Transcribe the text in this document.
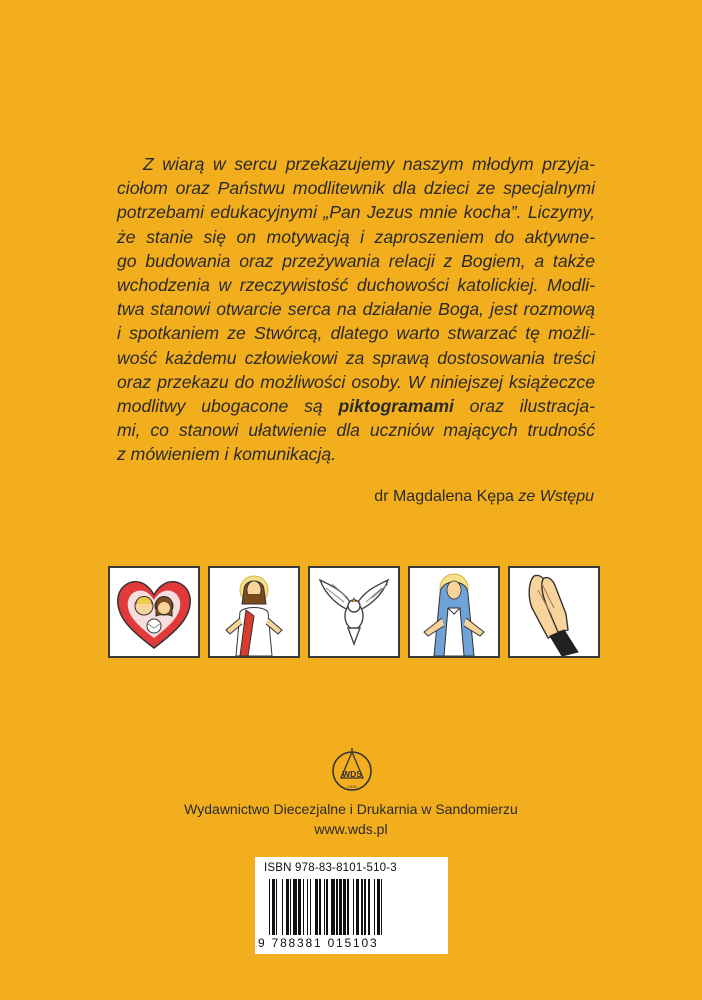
Z wiarą w sercu przekazujemy naszym młodym przyja-
ciołom oraz Państwu modlitewnik dla dzieci ze specjalnymi
potrzebami edukacyjnymi „Pan Jezus mnie kocha”. Liczymy,
że stanie się on motywacją i zaproszeniem do aktywne-
go budowania oraz przeżywania relacji z Bogiem, a także
wchodzenia w rzeczywistość duchowości katolickiej. Modli-
twa stanowi otwarcie serca na działanie Boga, jest rozmową
i spotkaniem ze Stwórcą, dlatego warto stwarzać tę możli-
wość każdemu człowiekowi za sprawą dostosowania treści
oraz przekazu do możliwości osoby. W niniejszej książeczce
modlitwy ubogacone są piktogramami oraz ilustracja-
mi, co stanowi ułatwienie dla uczniów mających trudność
z mówieniem i komunikacją.
dr Magdalena Kępa ze Wstępu
WDS
1919
Wydawnictwo Diecezjalne i Drukarnia w Sandomierzu
www.wds.pl
ISBN 978-83-8101-510-3
9 788381 015103
